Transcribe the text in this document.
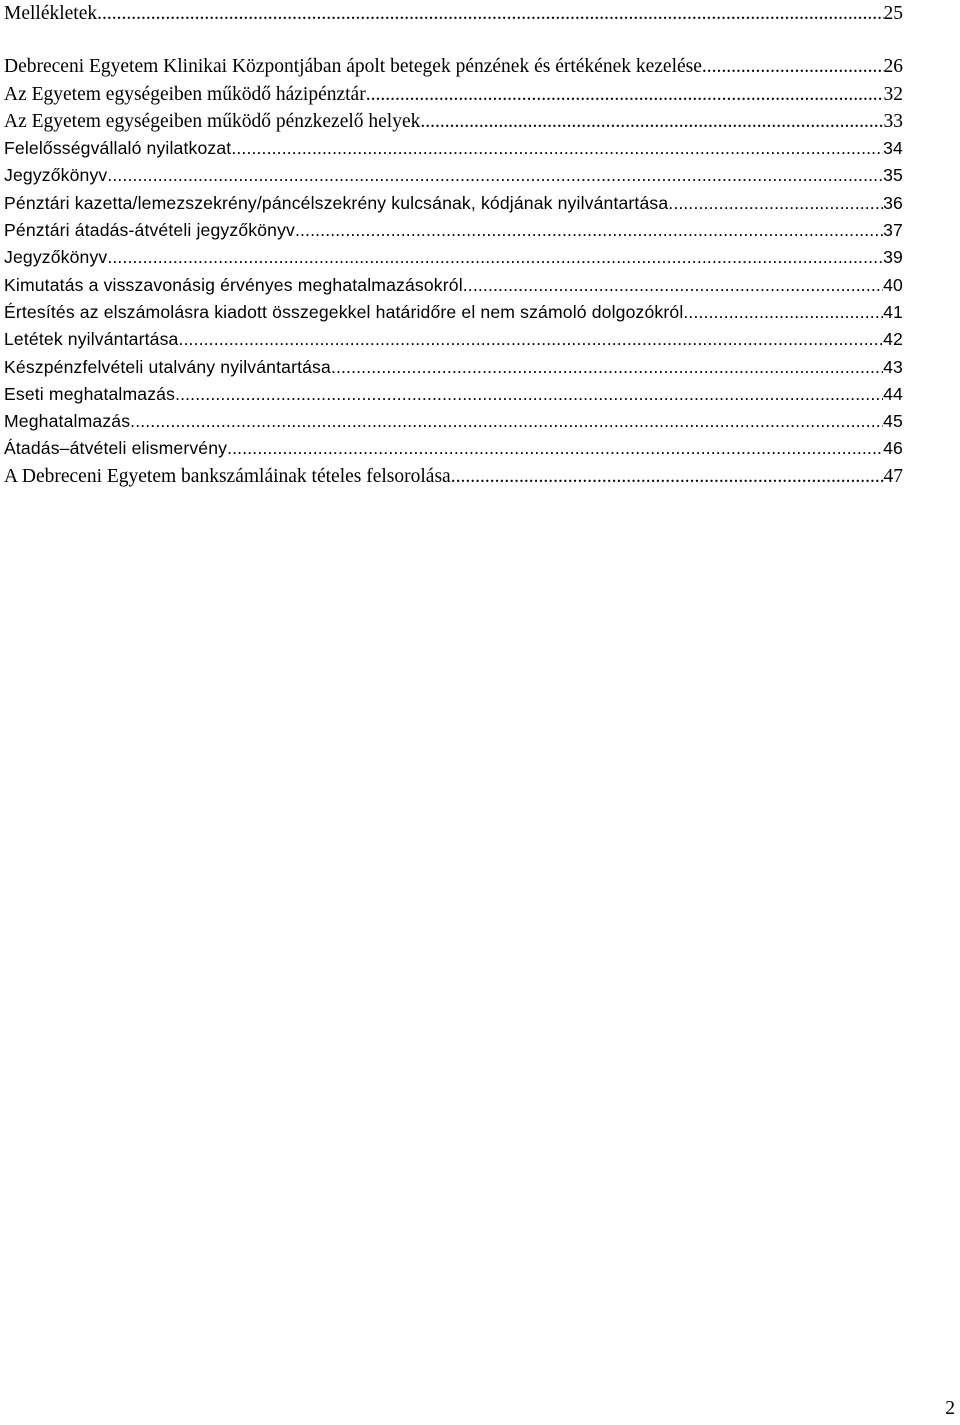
Mellékletek .....	25
Debreceni Egyetem Klinikai Központjában ápolt betegek pénzének és értékének kezelése .....	26
Az Egyetem egységeiben működő házipénztár .....	32
Az Egyetem egységeiben működő pénzkezelő helyek .....	33
Felelősségvállaló nyilatkozat .....	34
Jegyzőkönyv .....	35
Pénztári kazetta/lemezszekrény/páncélszekrény kulcsának, kódjának nyilvántartása .....	36
Pénztári átadás-átvételi jegyzőkönyv .....	37
Jegyzőkönyv .....	39
Kimutatás a visszavonásig érvényes meghatalmazásokról .....	40
Értesítés az elszámolásra kiadott összegekkel határidőre el nem számoló dolgozókról .....	41
Letétek nyilvántartása .....	42
Készpénzfelvételi utalvány nyilvántartása .....	43
Eseti meghatalmazás .....	44
Meghatalmazás .....	45
Átadás–átvételi elismervény .....	46
A Debreceni Egyetem bankszámláinak tételes felsorolása .....	47
2
